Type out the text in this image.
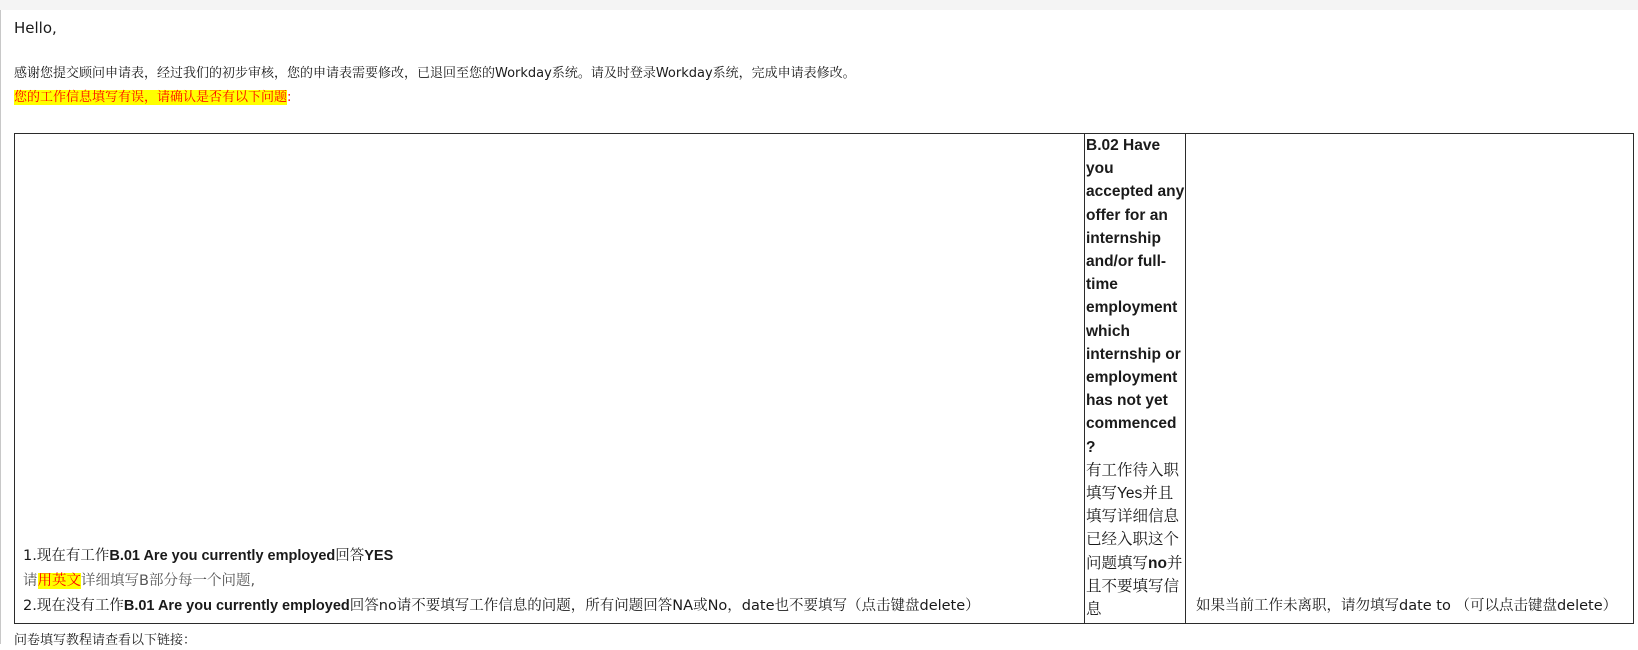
Hello,
感谢您提交顾问申请表，经过我们的初步审核，您的申请表需要修改，已退回至您的Workday系统。请及时登录Workday系统，完成申请表修改。
您的工作信息填写有误，请确认是否有以下问题:
1.现在有工作B.01 Are you currently employed回答YES
请用英文详细填写B部分每一个问题,
2.现在没有工作B.01 Are you currently employed回答no请不要填写工作信息的问题，所有问题回答NA或No，date也不要填写（点击键盘delete）

B.02 Have you accepted any offer for an internship and/or full-time employment which internship or employment has not yet commenced?
有工作待入职填写Yes并且填写详细信息
已经入职这个问题填写no并且不要填写信息	如果当前工作未离职，请勿填写date to （可以点击键盘delete）
问卷填写教程请查看以下链接：
